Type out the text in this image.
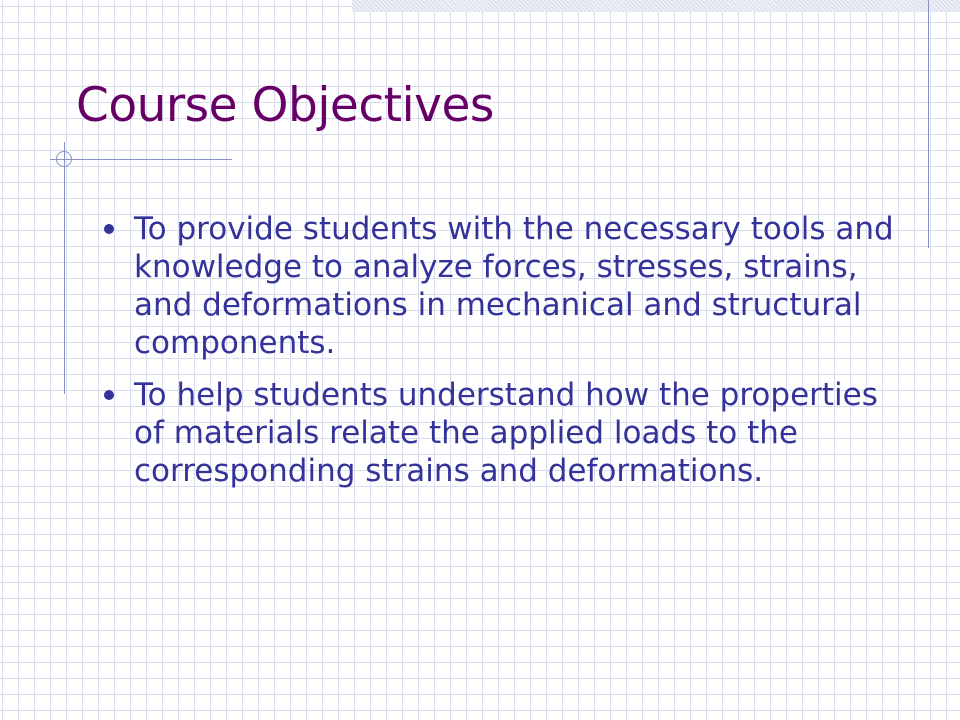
Course Objectives
To provide students with the necessary tools and knowledge to analyze forces, stresses, strains, and deformations in mechanical and structural components.
To help students understand how the properties of materials relate the applied loads to the corresponding strains and deformations.
